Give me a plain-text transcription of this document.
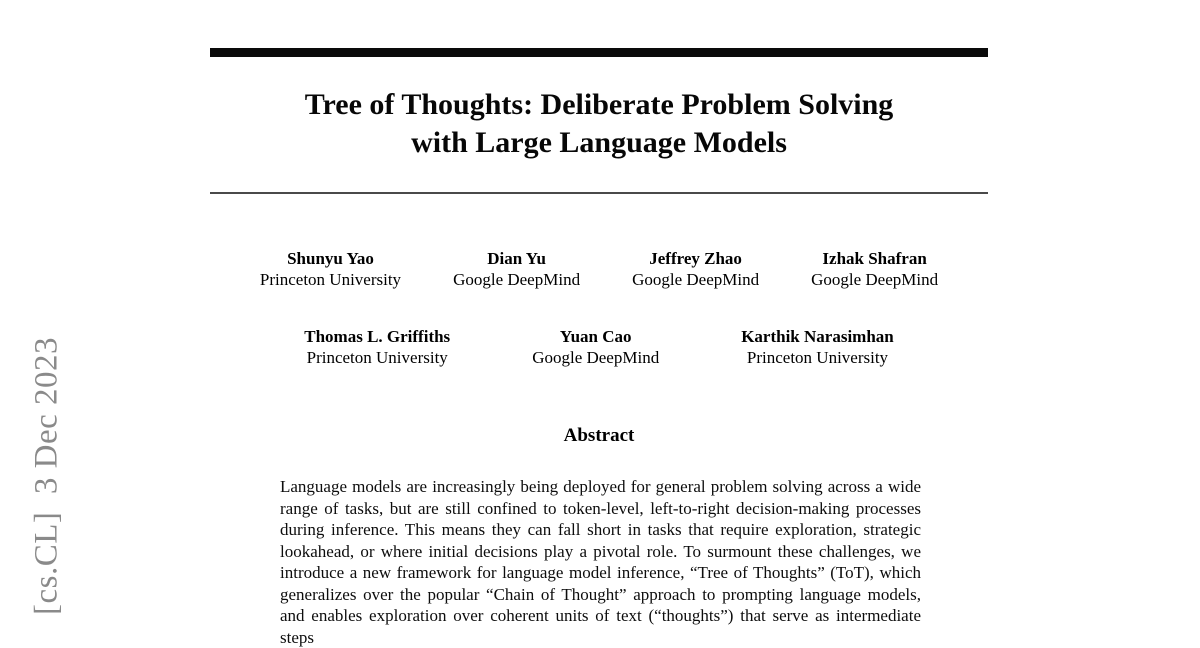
[cs.CL]  3 Dec 2023
Tree of Thoughts: Deliberate Problem Solving
with Large Language Models
Shunyu Yao
Princeton University
Dian Yu
Google DeepMind
Jeffrey Zhao
Google DeepMind
Izhak Shafran
Google DeepMind
Thomas L. Griffiths
Princeton University
Yuan Cao
Google DeepMind
Karthik Narasimhan
Princeton University
Abstract
Language models are increasingly being deployed for general problem solving across a wide range of tasks, but are still confined to token-level, left-to-right decision-making processes during inference. This means they can fall short in tasks that require exploration, strategic lookahead, or where initial decisions play a pivotal role. To surmount these challenges, we introduce a new framework for language model inference, “Tree of Thoughts” (ToT), which generalizes over the popular “Chain of Thought” approach to prompting language models, and enables exploration over coherent units of text (“thoughts”) that serve as intermediate steps
